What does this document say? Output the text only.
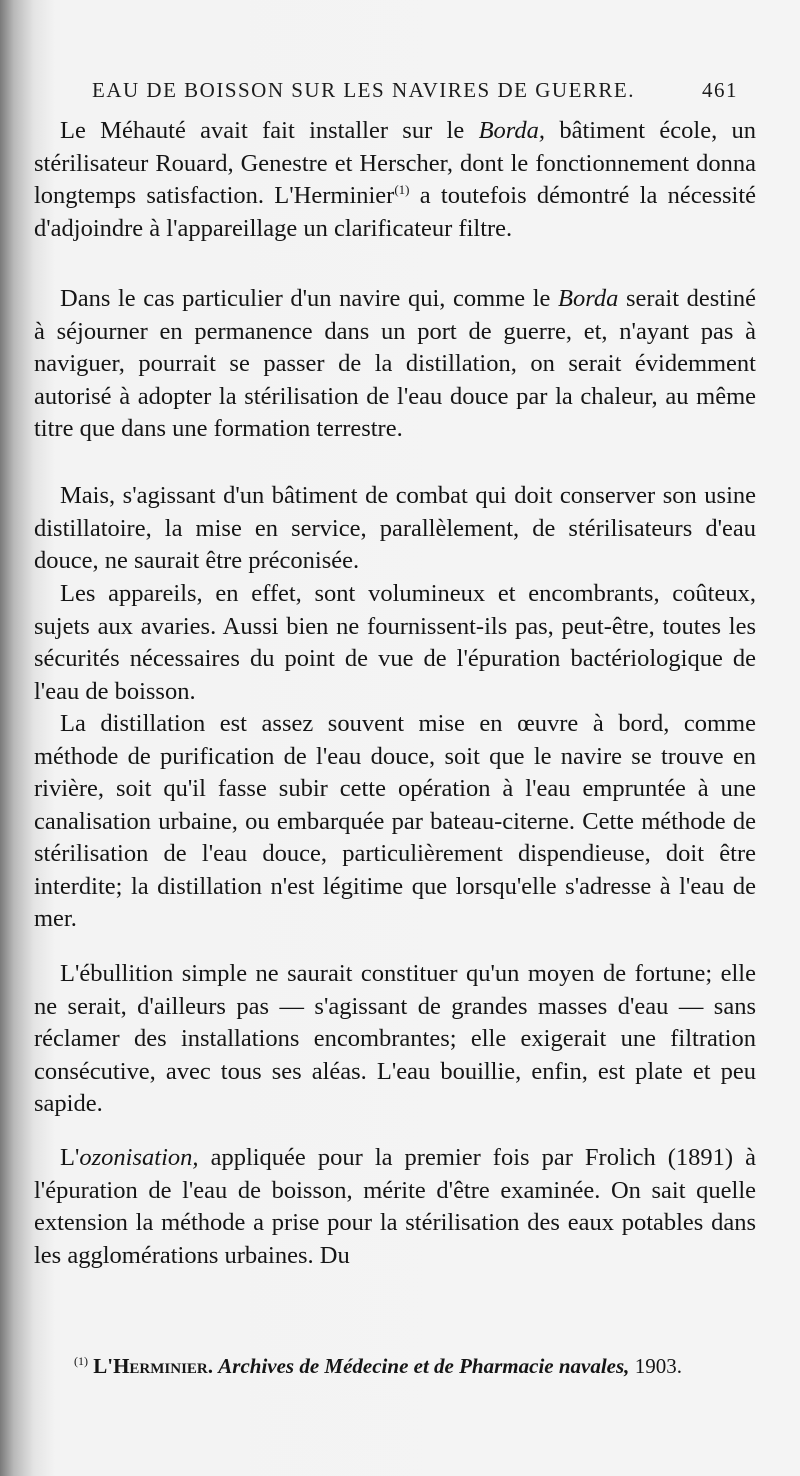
EAU DE BOISSON SUR LES NAVIRES DE GUERRE.	461

Le Méhauté avait fait installer sur le Borda, bâtiment école, un stérilisateur Rouard, Genestre et Herscher, dont le fonctionnement donna longtemps satisfaction. L'Herminier$^{(1)}$ a toutefois démontré la nécessité d'adjoindre à l'appareillage un clarificateur filtre.

Dans le cas particulier d'un navire qui, comme le Borda serait destiné à séjourner en permanence dans un port de guerre, et, n'ayant pas à naviguer, pourrait se passer de la distillation, on serait évidemment autorisé à adopter la stérilisation de l'eau douce par la chaleur, au même titre que dans une formation terrestre.

Mais, s'agissant d'un bâtiment de combat qui doit conserver son usine distillatoire, la mise en service, parallèlement, de stérilisateurs d'eau douce, ne saurait être préconisée.

Les appareils, en effet, sont volumineux et encombrants, coûteux, sujets aux avaries. Aussi bien ne fournissent-ils pas, peut-être, toutes les sécurités nécessaires du point de vue de l'épuration bactériologique de l'eau de boisson.

La distillation est assez souvent mise en œuvre à bord, comme méthode de purification de l'eau douce, soit que le navire se trouve en rivière, soit qu'il fasse subir cette opération à l'eau empruntée à une canalisation urbaine, ou embarquée par bateau-citerne. Cette méthode de stérilisation de l'eau douce, particulièrement dispendieuse, doit être interdite; la distillation n'est légitime que lorsqu'elle s'adresse à l'eau de mer.

L'ébullition simple ne saurait constituer qu'un moyen de fortune; elle ne serait, d'ailleurs pas — s'agissant de grandes masses d'eau — sans réclamer des installations encombrantes; elle exigerait une filtration consécutive, avec tous ses aléas. L'eau bouillie, enfin, est plate et peu sapide.

L'ozonisation, appliquée pour la premier fois par Frolich (1891) à l'épuration de l'eau de boisson, mérite d'être examinée. On sait quelle extension la méthode a prise pour la stérilisation des eaux potables dans les agglomérations urbaines. Du

$^{(1)}$ L'Herminier. Archives de Médecine et de Pharmacie navales, 1903.
